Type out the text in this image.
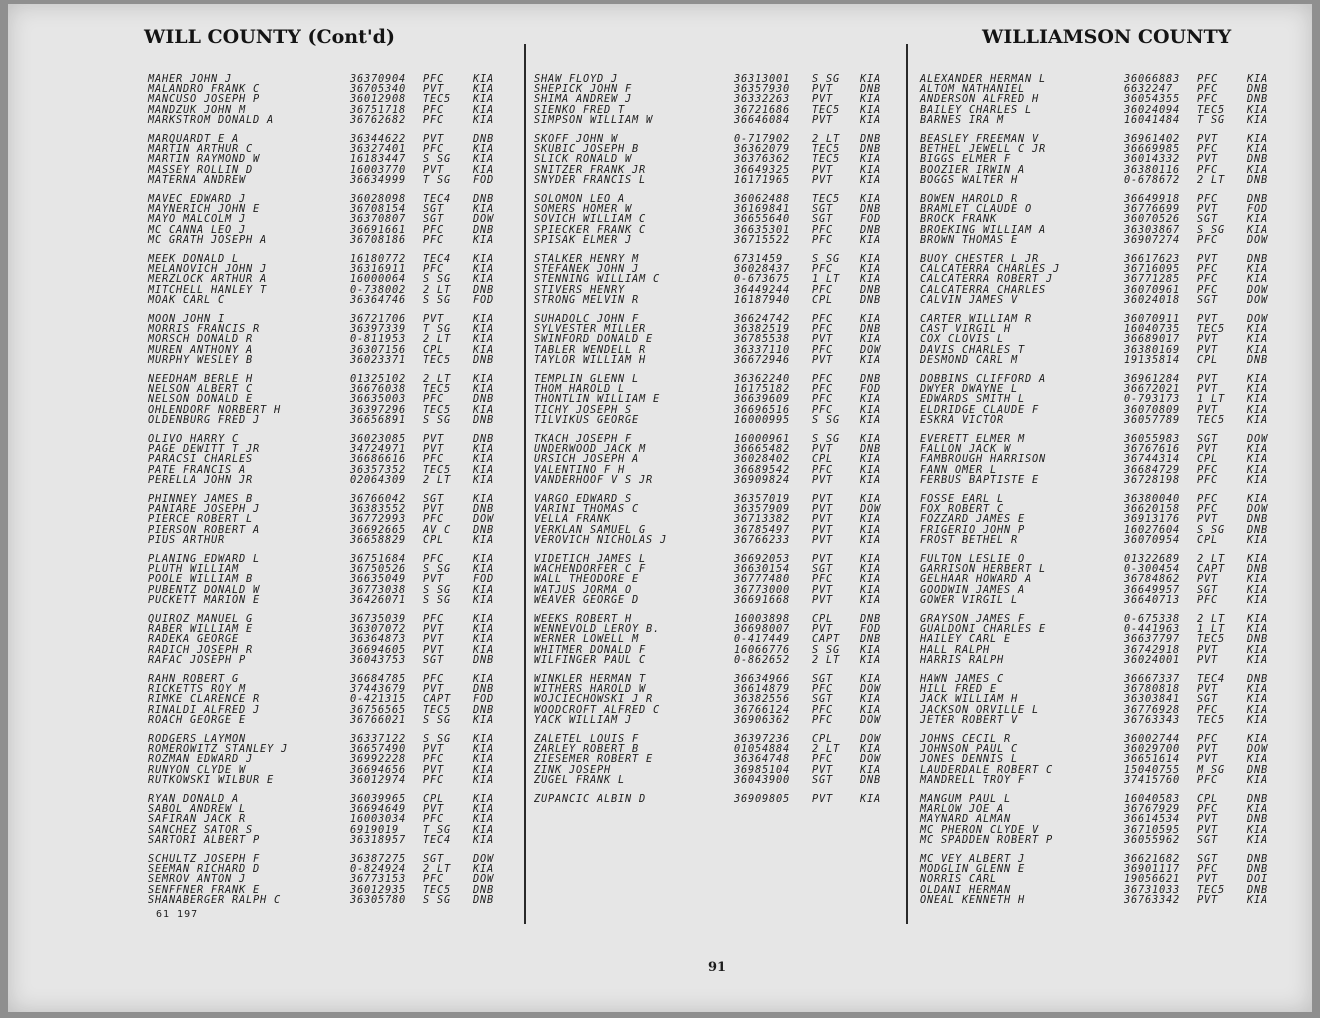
WILL COUNTY (Cont'd)	WILLIAMSON COUNTY
MAHER JOHN J	36370904 PFC	KIA
MALANDRO FRANK C	36705340 PVT	KIA
MANCUSO JOSEPH P	36012908 TEC5 KIA
MANDZUK JOHN M	36751718 PFC	KIA
MARKSTROM DONALD A	36762682 PFC	KIA
MARQUARDT E A	36344622 PVT	DNB
MARTIN ARTHUR C	36327401 PFC	KIA
MARTIN RAYMOND W	16183447 S SG KIA
MASSEY ROLLIN D	16003770 PVT	KIA
MATERNA ANDREW	36634999 T SG FOD
MAVEC EDWARD J	36028098 TEC4 DNB
MAYNERICH JOHN E	36708154 SGT	KIA
MAYO MALCOLM J	36370807 SGT	DOW
MC CANNA LEO J	36691661 PFC	DNB
MC GRATH JOSEPH A	36708186 PFC	KIA
MEEK DONALD L	16180772 TEC4 KIA
MELANOVICH JOHN J	36316911 PFC	KIA
MERZLOCK ARTHUR A	16000064 S SG KIA
MITCHELL HANLEY T	0-738002 2 LT DNB
MOAK CARL C	36364746 S SG FOD
MOON JOHN I	36721706 PVT	KIA
MORRIS FRANCIS R	36397339 T SG KIA
MORSCH DONALD R	0-811953 2 LT KIA
MUREN ANTHONY A	36307156 CPL	KIA
MURPHY WESLEY B	36023371 TEC5 DNB
NEEDHAM BERLE H	01325102 2 LT KIA
NELSON ALBERT C	36676038 TEC5 KIA
NELSON DONALD E	36635003 PFC	DNB
OHLENDORF NORBERT H	36397296 TEC5 KIA
OLDENBURG FRED J	36656891 S SG DNB
OLIVO HARRY C	36023085 PVT	DNB
PAGE DEWITT T JR	34724971 PVT	KIA
PARACSI CHARLES	36686616 PFC	KIA
PATE FRANCIS A	36357352 TEC5 KIA
PERELLA JOHN JR	02064309 2 LT KIA
PHINNEY JAMES B	36766042 SGT	KIA
PANIARE JOSEPH J	36383552 PVT	DNB
PIERCE ROBERT L	36772993 PFC	DOW
PIERSON ROBERT A	36692665 AV C DNB
PIUS ARTHUR	36658829 CPL	KIA
PLANING EDWARD L	36751684 PFC	KIA
PLUTH WILLIAM	36750526 S SG KIA
POOLE WILLIAM B	36635049 PVT	FOD
PUBENTZ DONALD W	36773038 S SG KIA
PUCKETT MARION E	36426071 S SG KIA
QUIROZ MANUEL G	36735039 PFC	KIA
RABER WILLIAM E	36307072 PVT	KIA
RADEKA GEORGE	36364873 PVT	KIA
RADICH JOSEPH R	36694605 PVT	KIA
RAFAC JOSEPH P	36043753 SGT	DNB
RAHN ROBERT G	36684785 PFC	KIA
RICKETTS ROY M	37443679 PVT	DNB
RIMKE CLARENCE R	0-421315 CAPT FOD
RINALDI ALFRED J	36756565 TEC5 DNB
ROACH GEORGE E	36766021 S SG KIA
RODGERS LAYMON	36337122 S SG KIA
ROMEROWITZ STANLEY J	36657490 PVT	KIA
ROZMAN EDWARD J	36992228 PFC	KIA
RUNYON CLYDE W	36694656 PVT	KIA
RUTKOWSKI WILBUR E	36012974 PFC	KIA
RYAN DONALD A	36039965 CPL	KIA
SABOL ANDREW L	36694649 PVT	KIA
SAFIRAN JACK R	16003034 PFC	KIA
SANCHEZ SATOR S	6919019 T SG KIA
SARTORI ALBERT P	36318957 TEC4 KIA
SCHULTZ JOSEPH F	36387275 SGT	DOW
SEEMAN RICHARD D	0-824924 2 LT KIA
SEMROV ANTON J	36773153 PFC	DOW
SENFFNER FRANK E	36012935 TEC5 DNB
SHANABERGER RALPH C	36305780 S SG DNB
SHAW FLOYD J	36313001 S SG KIA
SHEPICK JOHN F	36357930 PVT	DNB
SHIMA ANDREW J	36332263 PVT	KIA
SIENKO FRED T	36721686 TEC5 KIA
SIMPSON WILLIAM W	36646084 PVT	KIA
SKOFF JOHN W	0-717902 2 LT DNB
SKUBIC JOSEPH B	36362079 TEC5 DNB
SLICK RONALD W	36376362 TEC5 KIA
SNITZER FRANK JR	36649325 PVT	KIA
SNYDER FRANCIS L	16171965 PVT	KIA
SOLOMON LEO A	36062488 TEC5 KIA
SOMERS HOMER W	36169841 SGT	DNB
SOVICH WILLIAM C	36655640 SGT	FOD
SPIECKER FRANK C	36635301 PFC	DNB
SPISAK ELMER J	36715522 PFC	KIA
STALKER HENRY M	6731459	S SG KIA
STEFANEK JOHN J	36028437 PFC	KIA
STENNING WILLIAM C	0-673675 1 LT KIA
STIVERS HENRY	36449244 PFC	DNB
STRONG MELVIN R	16187940 CPL	DNB
SUHADOLC JOHN F	36624742 PFC	KIA
SYLVESTER MILLER	36382519 PFC	DNB
SWINFORD DONALD E	36785538 PVT	KIA
TABLER WENDELL R	36337110 PFC	DOW
TAYLOR WILLIAM H	36672946 PVT	KIA
TEMPLIN GLENN L	36362240 PFC	DNB
THOM HAROLD L	16175182 PFC	FOD
THONTLIN WILLIAM E	36639609 PFC	KIA
TICHY JOSEPH S	36696516 PFC	KIA
TILVIKUS GEORGE	16000995 S SG KIA
TKACH JOSEPH F	16000961 S SG KIA
UNDERWOOD JACK M	36665482 PVT	DNB
URSICH JOSEPH A	36028402 CPL	KIA
VALENTINO F H	36689542 PFC	KIA
VANDERHOOF V S JR	36909824 PVT	KIA
VARGO EDWARD S	36357019 PVT	KIA
VARINI THOMAS C	36357909 PVT	DOW
VELLA FRANK	36713382 PVT	KIA
VERKLAN SAMUEL G	36785497 PVT	KIA
VEROVICH NICHOLAS J	36766233 PVT	KIA
VIDETICH JAMES L	36692053 PVT	KIA
WACHENDORFER C F	36630154 SGT	KIA
WALL THEODORE E	36777480 PFC	KIA
WATJUS JORMA O	36773000 PVT	KIA
WEAVER GEORGE D	36691668 PVT	KIA
WEEKS ROBERT H	16003898 CPL	DNB
WENNEVOLD LEROY B.	36698007 PVT	FOD
WERNER LOWELL M	0-417449 CAPT DNB
WHITMER DONALD F	16066776 S SG KIA
WILFINGER PAUL C	0-862652 2 LT KIA
WINKLER HERMAN T	36634966 SGT	KIA
WITHERS HAROLD W	36614879 PFC	DOW
WOJCIECHOWSKI J R	36382556 SGT	KIA
WOODCROFT ALFRED C	36766124 PFC	KIA
YACK WILLIAM J	36906362 PFC	DOW
ZALETEL LOUIS F	36397236 CPL	DOW
ZARLEY ROBERT B	01054884 2 LT KIA
ZIESEMER ROBERT E	36364748 PFC	DOW
ZINK JOSEPH	36985104 PVT	KIA
ZUGEL FRANK L	36043900 SGT	DNB
ZUPANCIC ALBIN D	36909805 PVT	KIA
ALEXANDER HERMAN L	36066883 PFC	KIA
ALTOM NATHANIEL	6632247 PFC	DNB
ANDERSON ALFRED H	36054355 PFC	DNB
BAILEY CHARLES L	36024094 TEC5 KIA
BARNES IRA M	16041484 T SG KIA
BEASLEY FREEMAN V	36961402 PVT	KIA
BETHEL JEWELL C JR	36669985 PFC	KIA
BIGGS ELMER F	36014332 PVT	DNB
BOOZIER IRWIN A	36380116 PFC	KIA
BOGGS WALTER H	0-678672 2 LT DNB
BOWEN HAROLD R	36649918 PFC	DNB
BRAMLET CLAUDE O	36776699 PVT	FOD
BROCK FRANK	36070526 SGT	KIA
BROEKING WILLIAM A	36303867 S SG KIA
BROWN THOMAS E	36907274 PFC	DOW
BUOY CHESTER L JR	36617623 PVT	DNB
CALCATERRA CHARLES J	36716095 PFC	KIA
CALCATERRA ROBERT J	36771285 PFC	KIA
CALCATERRA CHARLES	36070961 PFC	DOW
CALVIN JAMES V	36024018 SGT	DOW
CARTER WILLIAM R	36070911 PVT	DOW
CAST VIRGIL H	16040735 TEC5 KIA
COX CLOVIS L	36689017 PVT	KIA
DAVIS CHARLES T	36380169 PVT	KIA
DESMOND CARL M	19135814 CPL	DNB
DOBBINS CLIFFORD A	36961284 PVT	KIA
DWYER DWAYNE L	36672021 PVT	KIA
EDWARDS SMITH L	0-793173 1 LT KIA
ELDRIDGE CLAUDE F	36070809 PVT	KIA
ESKRA VICTOR	36057789 TEC5 KIA
EVERETT ELMER M	36055983 SGT	DOW
FALLON JACK W	36767616 PVT	KIA
FAMBROUGH HARRISON	36744314 CPL	KIA
FANN OMER L	36684729 PFC	KIA
FERBUS BAPTISTE E	36728198 PFC	KIA
FOSSE EARL L	36380040 PFC	KIA
FOX ROBERT C	36620158 PFC	DOW
FOZZARD JAMES E	36913176 PVT	DNB
FRIGERIO JOHN P	16027604 S SG DNB
FROST BETHEL R	36070954 CPL	KIA
FULTON LESLIE O	01322689 2 LT KIA
GARRISON HERBERT L	0-300454 CAPT DNB
GELHAAR HOWARD A	36784862 PVT	KIA
GOODWIN JAMES A	36649957 SGT	KIA
GOWER VIRGIL L	36640713 PFC	KIA
GRAYSON JAMES F	0-675338 2 LT KIA
GUALDONI CHARLES E	0-441963 1 LT KIA
HAILEY CARL E	36637797 TEC5 DNB
HALL RALPH	36742918 PVT	KIA
HARRIS RALPH	36024001 PVT	KIA
HAWN JAMES C	36667337 TEC4 DNB
HILL FRED E	36780818 PVT	KIA
JACK WILLIAM H	36303841 SGT	KIA
JACKSON ORVILLE L	36776928 PFC	KIA
JETER ROBERT V	36763343 TEC5 KIA
JOHNS CECIL R	36002744 PFC	KIA
JOHNSON PAUL C	36029700 PVT	DOW
JONES DENNIS L	36651614 PVT	KIA
LAUDERDALE ROBERT C	15040755 M SG DNB
MANDRELL TROY F	37415760 PFC	KIA
MANGUM PAUL L	16040583 CPL	DNB
MARLOW JOE A	36767929 PFC	KIA
MAYNARD ALMAN	36614534 PVT	DNB
MC PHERON CLYDE V	36710595 PVT	KIA
MC SPADDEN ROBERT P	36055962 SGT	KIA
MC VEY ALBERT J	36621682 SGT	DNB
MODGLIN GLENN E	36901117 PFC	DNB
NORRIS CARL	19056621 PVT	DOI
OLDANI HERMAN	36731033 TEC5 DNB
ONEAL KENNETH H	36763342 PVT	KIA
61 197
91
